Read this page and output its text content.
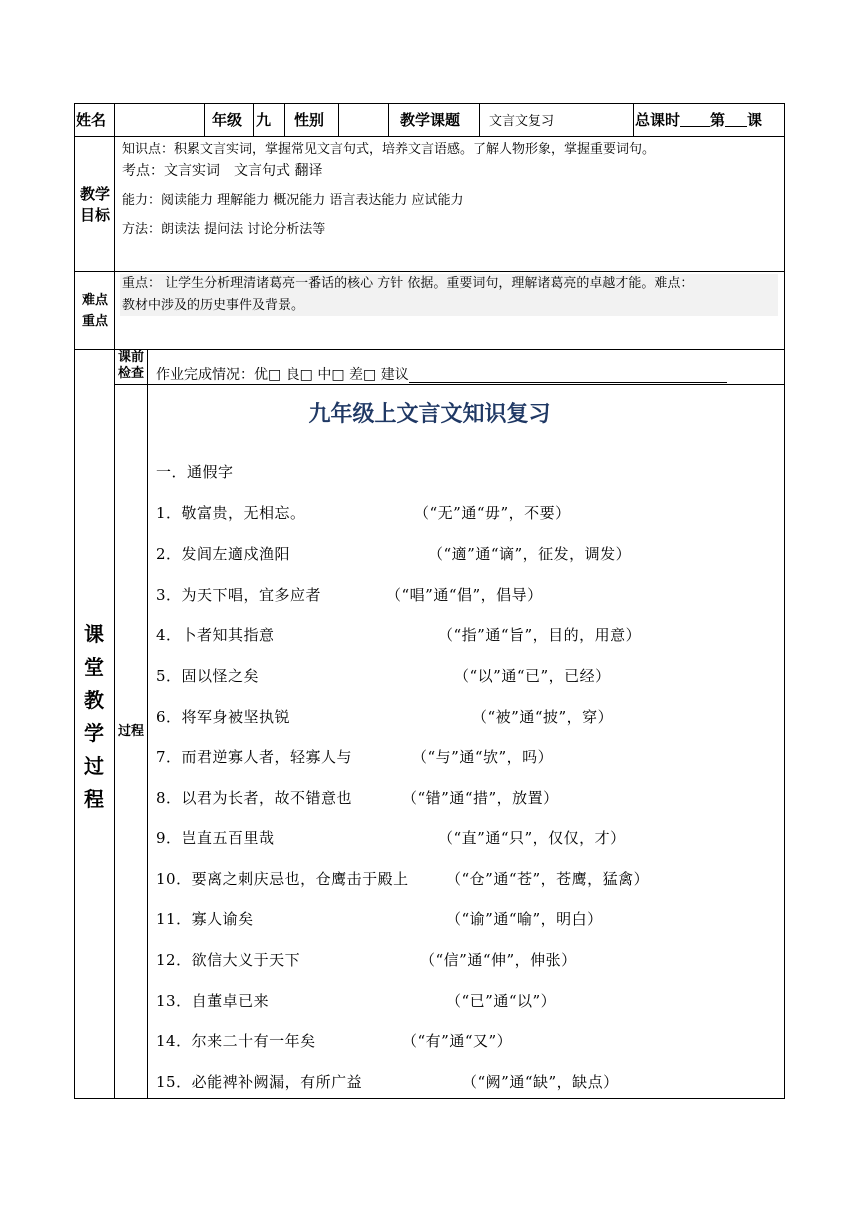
姓名	年级 九	性别	教学课题	文言文复习	总课时 第 课
教学目标
知识点：积累文言实词，掌握常见文言句式，培养文言语感。了解人物形象，掌握重要词句。
考点：文言实词　文言句式 翻译
能力：阅读能力 理解能力 概况能力 语言表达能力 应试能力
方法：朗读法 提问法 讨论分析法等
难点重点
重点： 让学生分析理清诸葛亮一番话的核心 方针 依据。重要词句，理解诸葛亮的卓越才能。难点：
教材中涉及的历史事件及背景。
课堂教学过程
课前检查 作业完成情况：优□ 良□ 中□ 差□ 建议
过程
九年级上文言文知识复习
一．通假字
1．敬富贵，无相忘。	（“无”通“毋”，不要）
2．发闾左適戍渔阳	（“適”通“谪”，征发，调发）
3．为天下唱，宜多应者	（“唱”通“倡”，倡导）
4．卜者知其指意	（“指”通“旨”，目的，用意）
5．固以怪之矣	（“以”通“已”，已经）
6．将军身被坚执锐	（“被”通“披”，穿）
7．而君逆寡人者，轻寡人与	（“与”通“欤”，吗）
8．以君为长者，故不错意也	（“错”通“措”，放置）
9．岂直五百里哉	（“直”通“只”，仅仅，才）
10．要离之刺庆忌也，仓鹰击于殿上 （“仓”通“苍”，苍鹰，猛禽）
11．寡人谕矣	（“谕”通“喻”，明白）
12．欲信大义于天下	（“信”通“伸”，伸张）
13．自董卓已来	（“已”通“以”）
14．尔来二十有一年矣	（“有”通“又”）
15．必能裨补阙漏，有所广益	（“阙”通“缺”，缺点）
